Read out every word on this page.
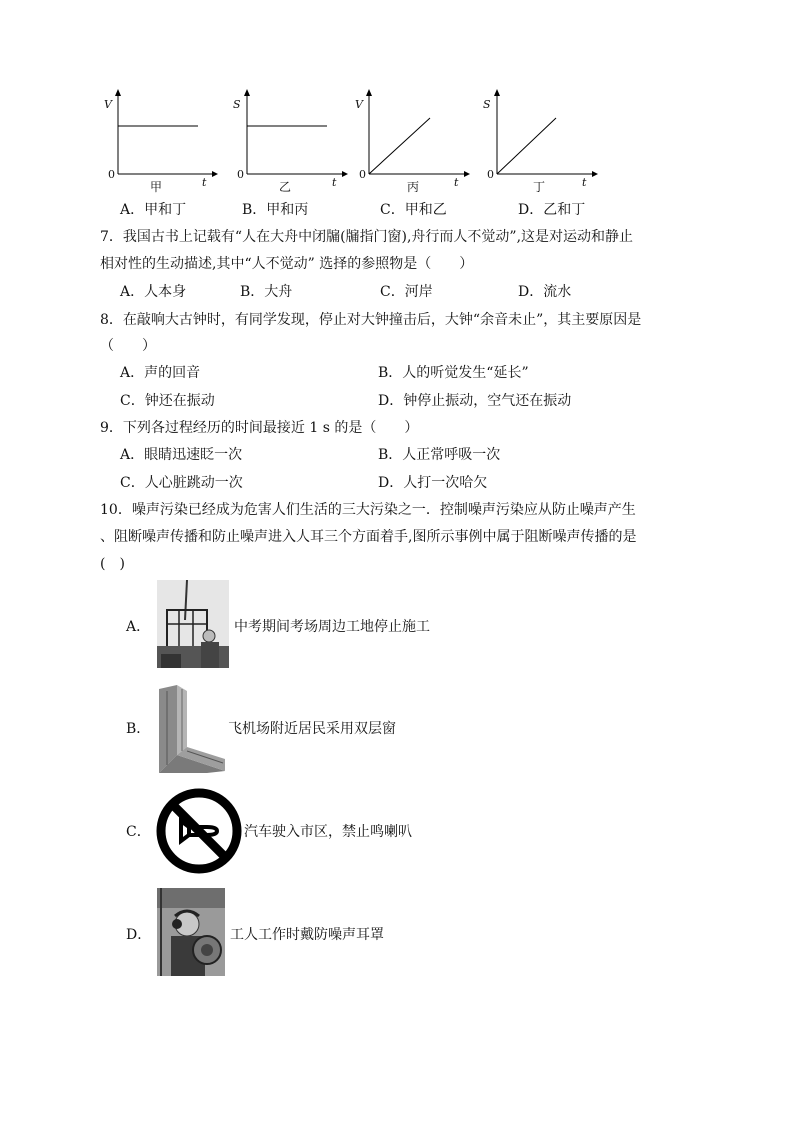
V
t
0
甲
S
t
0
乙
V
t
0
丙
S
t
0
丁
A．甲和丁	B．甲和丙	C．甲和乙	D．乙和丁
7．我国古书上记载有“人在大舟中闭牖(牖指门窗),舟行而人不觉动”,这是对运动和静止
相对性的生动描述,其中“人不觉动” 选择的参照物是（　　）
A．人本身	B．大舟	C．河岸	D．流水
8．在敲响大古钟时，有同学发现，停止对大钟撞击后，大钟“余音未止”，其主要原因是
（　　）
A．声的回音	B．人的听觉发生“延长”
C．钟还在振动	D．钟停止振动，空气还在振动
9．下列各过程经历的时间最接近 1 s 的是（　　）
A．眼睛迅速眨一次	B．人正常呼吸一次
C．人心脏跳动一次	D．人打一次哈欠
10．噪声污染已经成为危害人们生活的三大污染之一．控制噪声污染应从防止噪声产生
、阻断噪声传播和防止噪声进入人耳三个方面着手,图所示事例中属于阻断噪声传播的是
(　)
A．	中考期间考场周边工地停止施工
B．	飞机场附近居民采用双层窗
C．	汽车驶入市区，禁止鸣喇叭
D．	工人工作时戴防噪声耳罩
